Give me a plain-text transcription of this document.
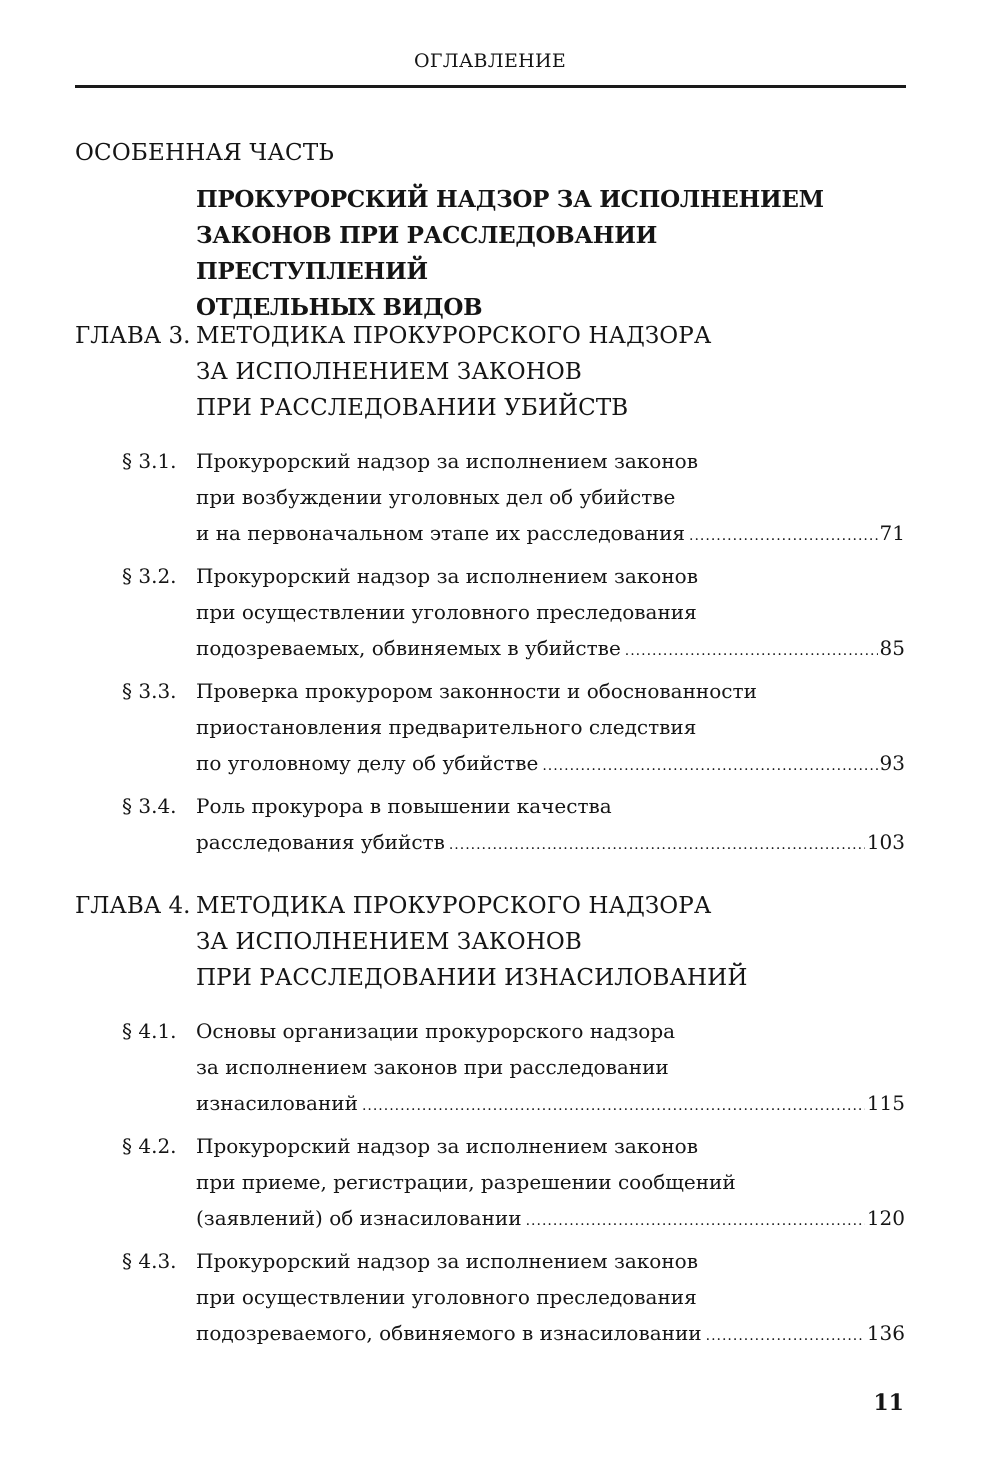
ОГЛАВЛЕНИЕ
ОСОБЕННАЯ ЧАСТЬ
ПРОКУРОРСКИЙ НАДЗОР ЗА ИСПОЛНЕНИЕМ
ЗАКОНОВ ПРИ РАССЛЕДОВАНИИ ПРЕСТУПЛЕНИЙ
ОТДЕЛЬНЫХ ВИДОВ
ГЛАВА 3. МЕТОДИКА ПРОКУРОРСКОГО НАДЗОРА
ЗА ИСПОЛНЕНИЕМ ЗАКОНОВ
ПРИ РАССЛЕДОВАНИИ УБИЙСТВ
§ 3.1. Прокурорский надзор за исполнением законов
при возбуждении уголовных дел об убийстве
и на первоначальном этапе их расследования .....	71
§ 3.2. Прокурорский надзор за исполнением законов
при осуществлении уголовного преследования
подозреваемых, обвиняемых в убийстве .....	85
§ 3.3. Проверка прокурором законности и обоснованности
приостановления предварительного следствия
по уголовному делу об убийстве .....	93
§ 3.4. Роль прокурора в повышении качества
расследования убийств .....	103
ГЛАВА 4. МЕТОДИКА ПРОКУРОРСКОГО НАДЗОРА
ЗА ИСПОЛНЕНИЕМ ЗАКОНОВ
ПРИ РАССЛЕДОВАНИИ ИЗНАСИЛОВАНИЙ
§ 4.1. Основы организации прокурорского надзора
за исполнением законов при расследовании
изнасилований .....	115
§ 4.2. Прокурорский надзор за исполнением законов
при приеме, регистрации, разрешении сообщений
(заявлений) об изнасиловании .....	120
§ 4.3. Прокурорский надзор за исполнением законов
при осуществлении уголовного преследования
подозреваемого, обвиняемого в изнасиловании .....	136
11
